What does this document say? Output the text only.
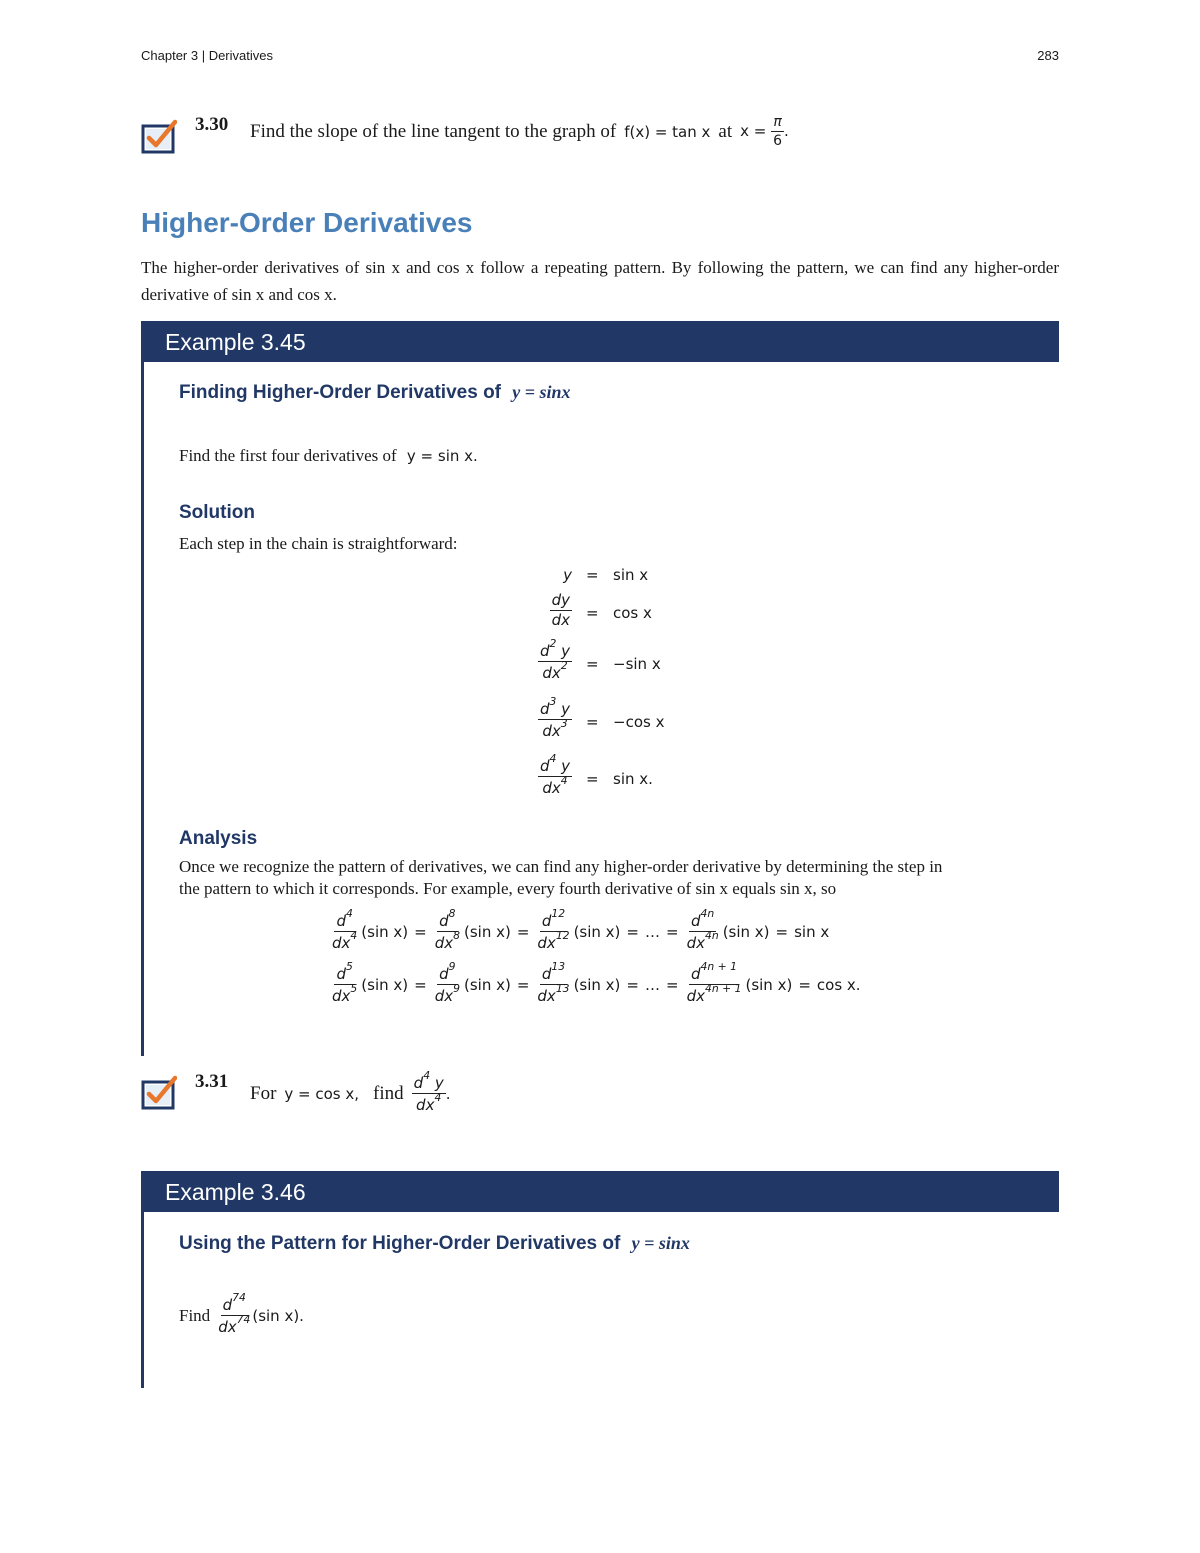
Chapter 3 | Derivatives	283
3.30 Find the slope of the line tangent to the graph of f(x) = tan x at $x = \frac{\pi}{6}$ .
Higher-Order Derivatives
The higher-order derivatives of sin x and cos x follow a repeating pattern. By following the pattern, we can find any higher-order derivative of sin x and cos x.
Example 3.45
Finding Higher-Order Derivatives of y = sinx
Find the first four derivatives of y = sin x.
Solution
Each step in the chain is straightforward:
y = sin x
$\frac{dy}{dx} = \cos x$
$\frac{d^2 y}{dx^2} = -\sin$ x
$\frac{d^3 y}{dx^3} = -\cos$ x
$\frac{d^4 y}{dx^4} = \sin x$.
Analysis
Once we recognize the pattern of derivatives, we can find any higher-order derivative by determining the step in
the pattern to which it corresponds. For example, every fourth derivative of sin x equals sin x, so
$\frac{d^4}{dx^4} (\sin$ $x) = \frac{d^8}{dx^8} (\sin$ $x) = \frac{d^{12}}{dx^{12}} (\sin$ x) = … = $\frac{d^{4n}}{dx^{4n}} (\sin$ x) = sin x
$\frac{d^5}{dx^5} (\sin$ $x) = \frac{d^9}{dx^9} (\sin$ $x) = \frac{d^{13}}{dx^{13}} (\sin$ x) = … = $\frac{d^{4n + 1}}{dx^{4n + 1}} (\sin$ x) = cos x.
3.31
For y = cos x, find $\frac{d^4 y}{dx^4}$ .
Example 3.46
Using the Pattern for Higher-Order Derivatives of y = sinx
Find $\frac{d^{74}}{dx^{74}} (\sin$ x).
